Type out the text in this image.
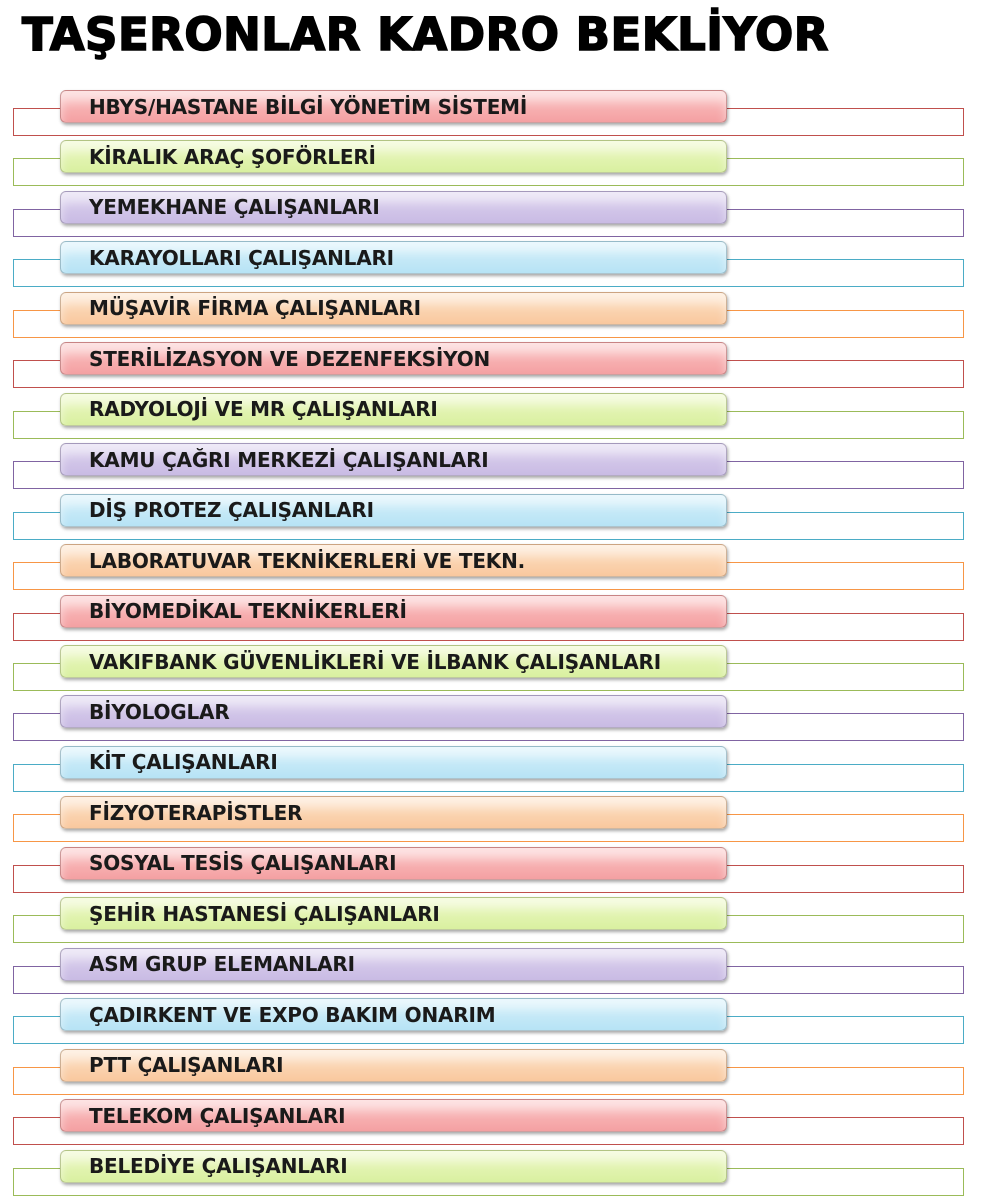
TAŞERONLAR KADRO BEKLİYOR
HBYS/HASTANE BİLGİ YÖNETİM SİSTEMİ
KİRALIK ARAÇ ŞOFÖRLERİ
YEMEKHANE ÇALIŞANLARI
KARAYOLLARI ÇALIŞANLARI
MÜŞAVİR FİRMA ÇALIŞANLARI
STERİLİZASYON VE DEZENFEKSİYON
RADYOLOJİ VE MR ÇALIŞANLARI
KAMU ÇAĞRI MERKEZİ ÇALIŞANLARI
DİŞ PROTEZ ÇALIŞANLARI
LABORATUVAR TEKNİKERLERİ VE TEKN.
BİYOMEDİKAL TEKNİKERLERİ
VAKIFBANK GÜVENLİKLERİ VE İLBANK ÇALIŞANLARI
BİYOLOGLAR
KİT ÇALIŞANLARI
FİZYOTERAPİSTLER
SOSYAL TESİS ÇALIŞANLARI
ŞEHİR HASTANESİ ÇALIŞANLARI
ASM GRUP ELEMANLARI
ÇADIRKENT VE EXPO BAKIM ONARIM
PTT ÇALIŞANLARI
TELEKOM ÇALIŞANLARI
BELEDİYE ÇALIŞANLARI
